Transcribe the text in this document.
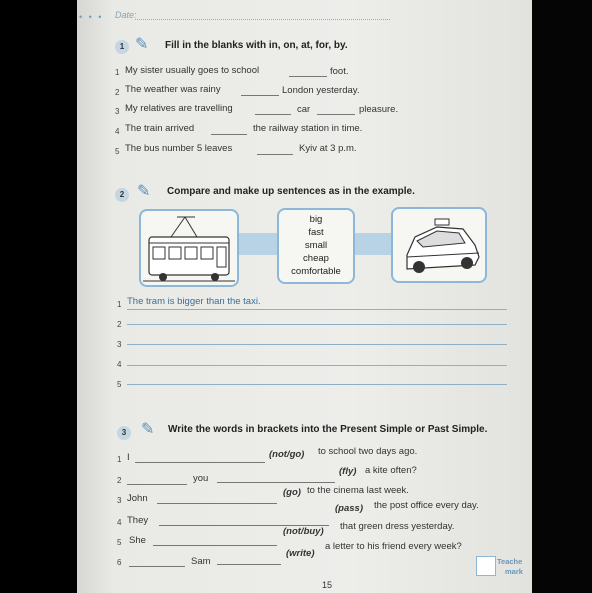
• • • Date:
1 ✎ Fill in the blanks with in, on, at, for, by.
1 My sister usually goes to school	foot.
2 The weather was rainy	London yesterday.
3 My relatives are travelling	car	pleasure.
4 The train arrived	the railway station in time.
5 The bus number 5 leaves	Kyiv at 3 p.m.
2 ✎ Compare and make up sentences as in the example.
big
fast
small
cheap
comfortable
1 The tram is bigger than the taxi.
2
3
4
5
3 ✎ Write the words in brackets into the Present Simple or Past Simple.
1 I	(not/go) to school two days ago.
2	you
(fly) a kite often?
3 John
(go) to the cinema last week.
4 They
(pass) the post office every day.
5 She
(not/buy) that green dress yesterday.
6	Sam
(write)
a letter to his friend every week?
15
Teache
mark
